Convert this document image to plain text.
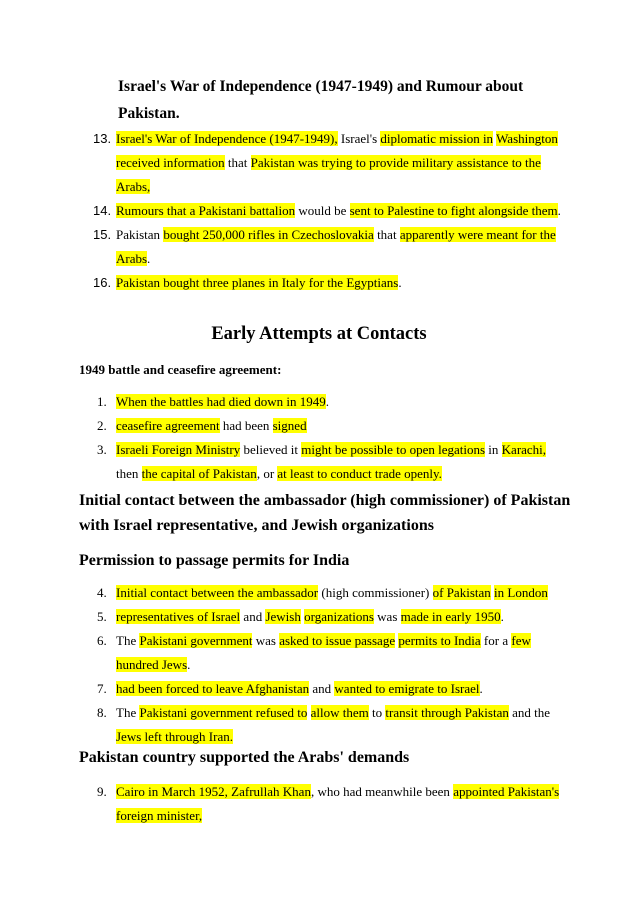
Israel's War of Independence (1947-1949) and Rumour about
Pakistan.
13. Israel's War of Independence (1947-1949), Israel's diplomatic mission in Washington
received information that Pakistan was trying to provide military assistance to the
Arabs,
14. Rumours that a Pakistani battalion would be sent to Palestine to fight alongside them.
15. Pakistan bought 250,000 rifles in Czechoslovakia that apparently were meant for the
Arabs.
16. Pakistan bought three planes in Italy for the Egyptians.
Early Attempts at Contacts
1949 battle and ceasefire agreement:
1. When the battles had died down in 1949.
2. ceasefire agreement had been signed
3. Israeli Foreign Ministry believed it might be possible to open legations in Karachi,
then the capital of Pakistan, or at least to conduct trade openly.
Initial contact between the ambassador (high commissioner) of Pakistan
with Israel representative, and Jewish organizations
Permission to passage permits for India
4. Initial contact between the ambassador (high commissioner) of Pakistan in London
5. representatives of Israel and Jewish organizations was made in early 1950.
6. The Pakistani government was asked to issue passage permits to India for a few
hundred Jews.
7. had been forced to leave Afghanistan and wanted to emigrate to Israel.
8. The Pakistani government refused to allow them to transit through Pakistan and the
Jews left through Iran.
Pakistan country supported the Arabs' demands
9. Cairo in March 1952, Zafrullah Khan, who had meanwhile been appointed Pakistan's
foreign minister,
